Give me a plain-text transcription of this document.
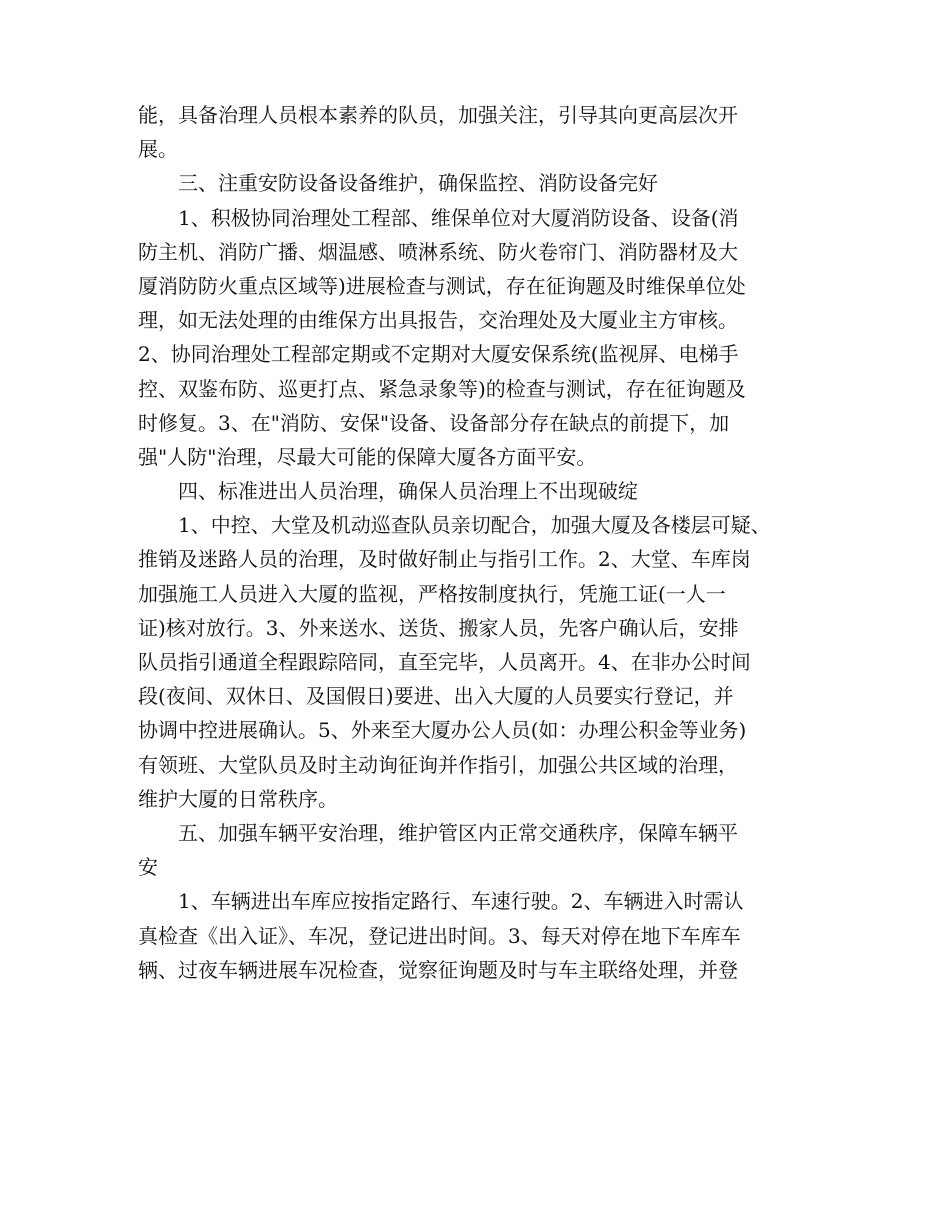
能，具备治理人员根本素养的队员，加强关注，引导其向更高层次开
展。
三、注重安防设备设备维护，确保监控、消防设备完好
1、积极协同治理处工程部、维保单位对大厦消防设备、设备(消
防主机、消防广播、烟温感、喷淋系统、防火卷帘门、消防器材及大
厦消防防火重点区域等)进展检查与测试，存在征询题及时维保单位处
理，如无法处理的由维保方出具报告，交治理处及大厦业主方审核。
2、协同治理处工程部定期或不定期对大厦安保系统(监视屏、电梯手
控、双鉴布防、巡更打点、紧急录象等)的检查与测试，存在征询题及
时修复。3、在"消防、安保"设备、设备部分存在缺点的前提下，加
强"人防"治理，尽最大可能的保障大厦各方面平安。
四、标准进出人员治理，确保人员治理上不出现破绽
1、中控、大堂及机动巡查队员亲切配合，加强大厦及各楼层可疑、
推销及迷路人员的治理，及时做好制止与指引工作。2、大堂、车库岗
加强施工人员进入大厦的监视，严格按制度执行，凭施工证(一人一
证)核对放行。3、外来送水、送货、搬家人员，先客户确认后，安排
队员指引通道全程跟踪陪同，直至完毕，人员离开。4、在非办公时间
段(夜间、双休日、及国假日)要进、出入大厦的人员要实行登记，并
协调中控进展确认。5、外来至大厦办公人员(如：办理公积金等业务)
有领班、大堂队员及时主动询征询并作指引，加强公共区域的治理，
维护大厦的日常秩序。
五、加强车辆平安治理，维护管区内正常交通秩序，保障车辆平
安
1、车辆进出车库应按指定路行、车速行驶。2、车辆进入时需认
真检查《出入证》、车况，登记进出时间。3、每天对停在地下车库车
辆、过夜车辆进展车况检查，觉察征询题及时与车主联络处理，并登
